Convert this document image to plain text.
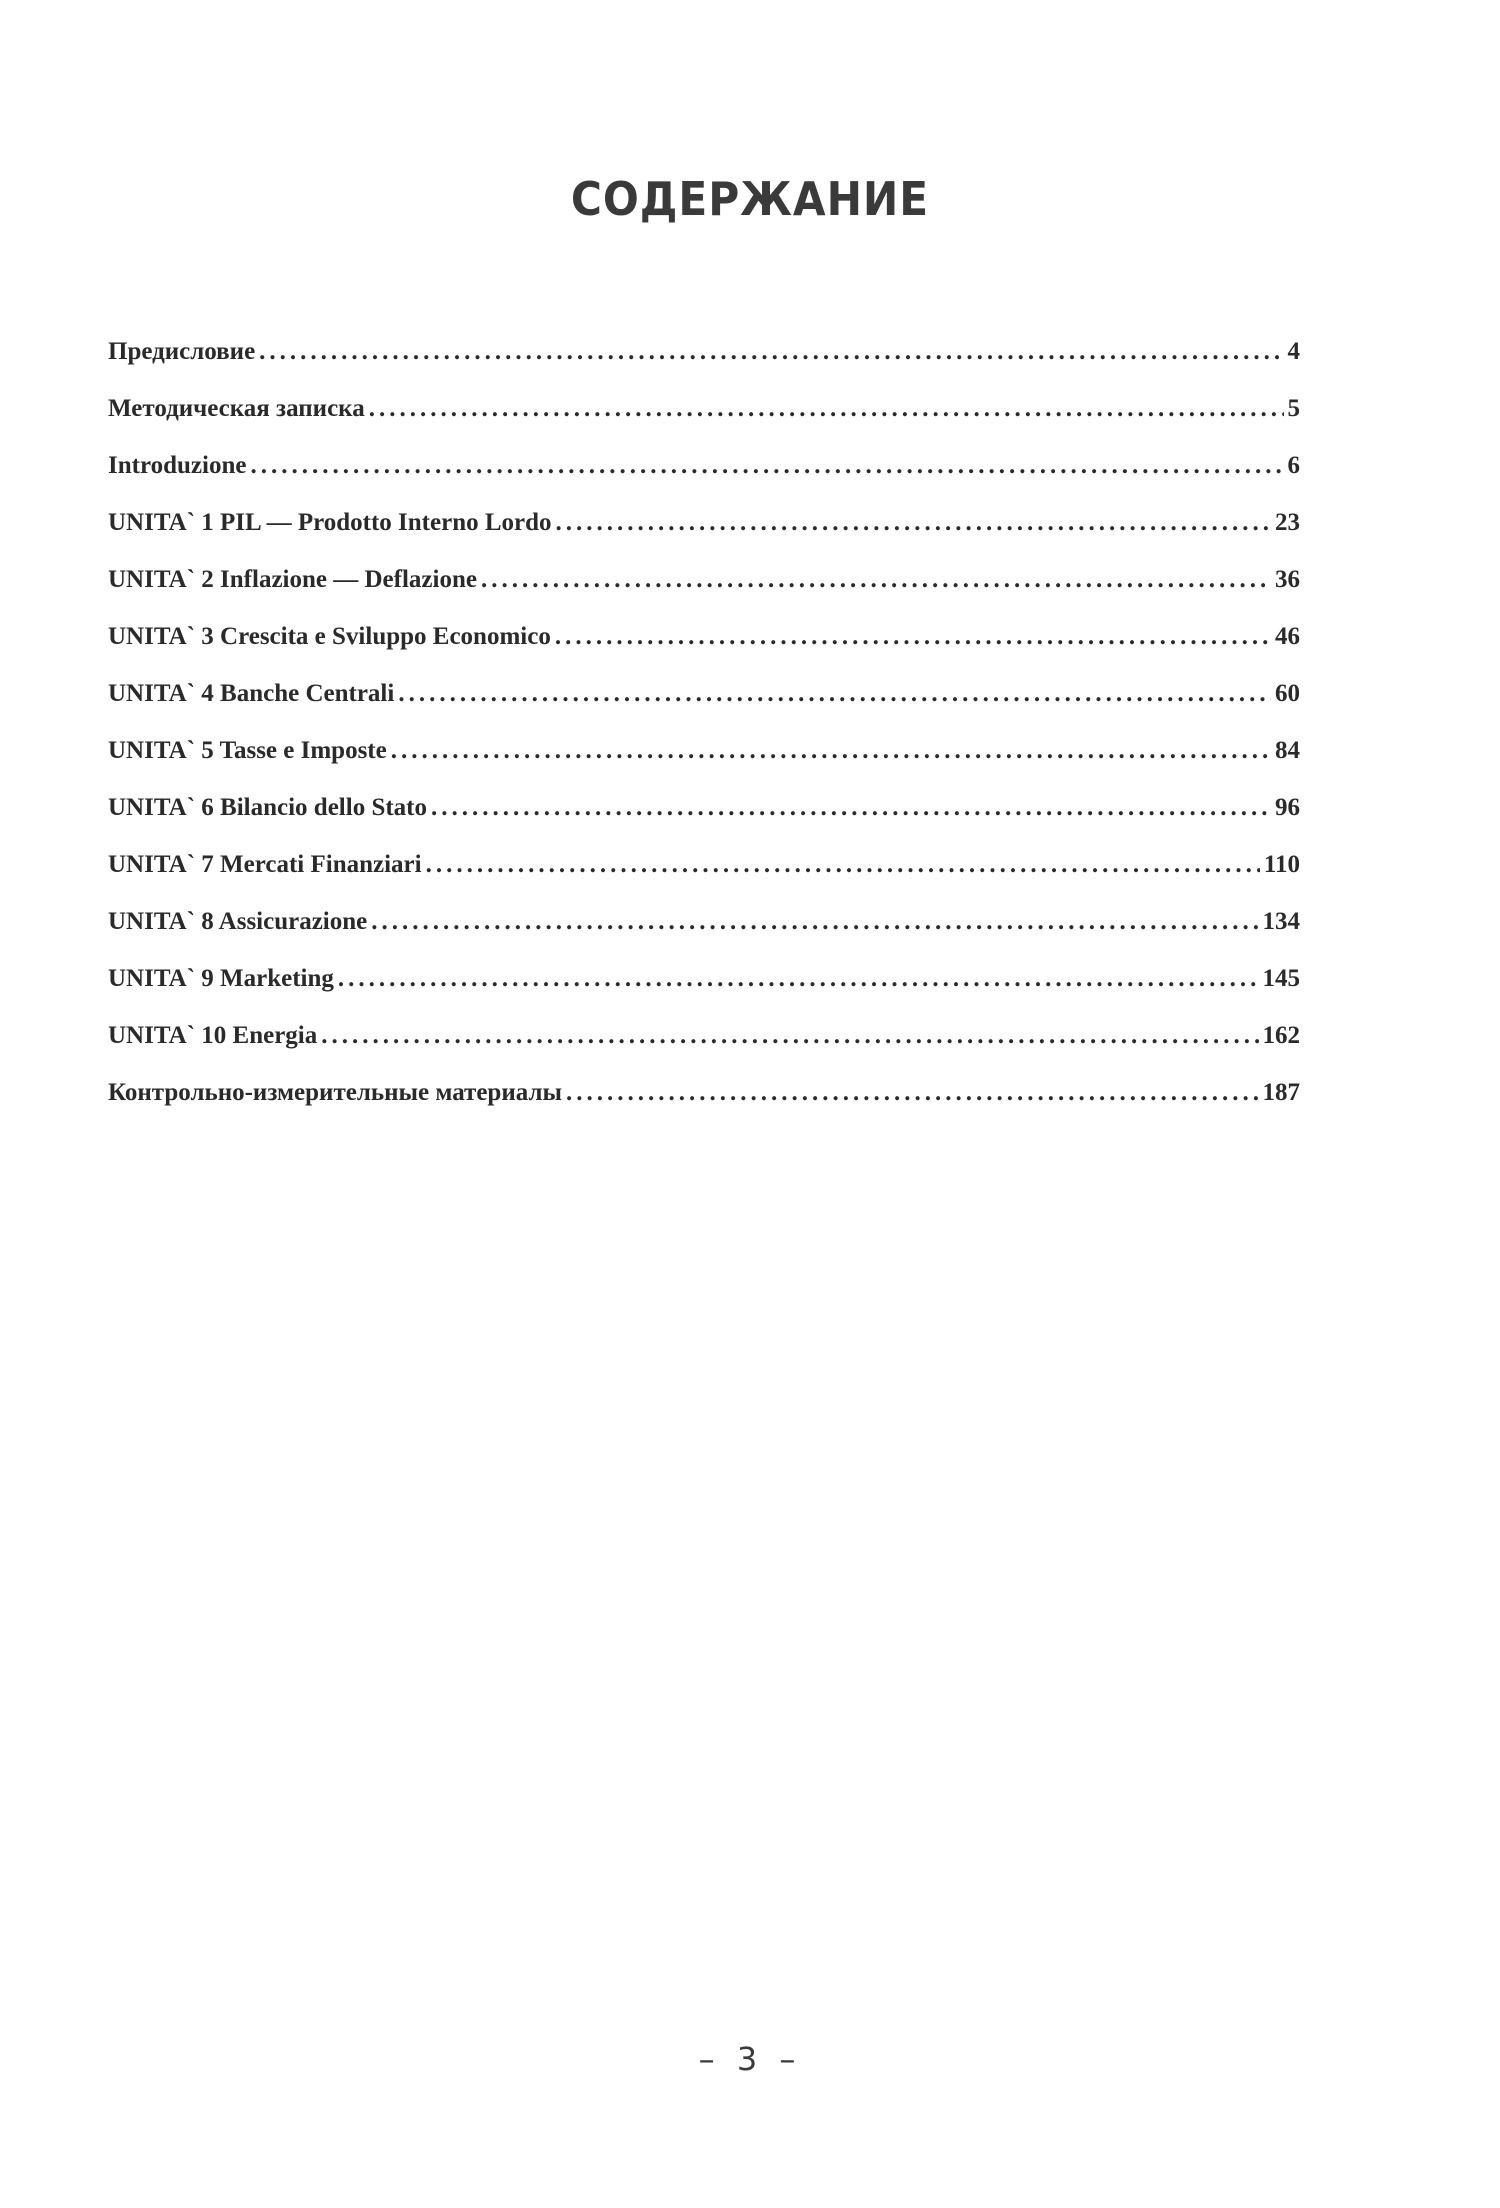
СОДЕРЖАНИЕ
Предисловие .....	4
Методическая записка .....	5
Introduzione .....	6
UNITA` 1 PIL — Prodotto Interno Lordo .....	23
UNITA` 2 Inflazione — Deflazione .....	36
UNITA` 3 Crescita e Sviluppo Economico .....	46
UNITA` 4 Banche Centrali .....	60
UNITA` 5 Tasse e Imposte .....	84
UNITA` 6 Bilancio dello Stato .....	96
UNITA` 7 Mercati Finanziari .....	110
UNITA` 8 Assicurazione .....	134
UNITA` 9 Marketing .....	145
UNITA` 10 Energia .....	162
Контрольно-измерительные материалы .....	187
– 3 –
